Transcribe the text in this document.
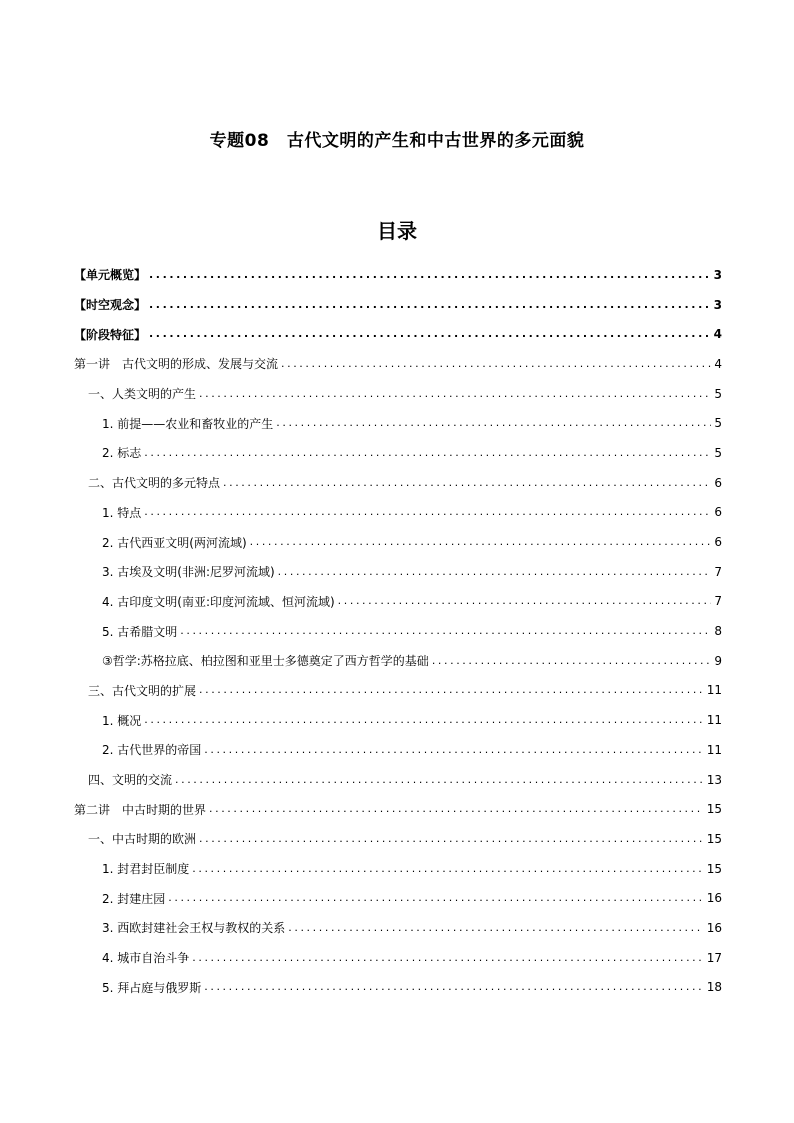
专题08　古代文明的产生和中古世界的多元面貌
目录
【单元概览】 .....	3
【时空观念】 .....	3
【阶段特征】 .....	4
第一讲　古代文明的形成、发展与交流 .....	4
一、人类文明的产生 .....	5
1. 前提——农业和畜牧业的产生 .....	5
2. 标志 .....	5
二、古代文明的多元特点 .....	6
1. 特点 .....	6
2. 古代西亚文明(两河流域) .....	6
3. 古埃及文明(非洲:尼罗河流域) .....	7
4. 古印度文明(南亚:印度河流域、恒河流域) .....	7
5. 古希腊文明 .....	8
③哲学:苏格拉底、柏拉图和亚里士多德奠定了西方哲学的基础 .....	9
三、古代文明的扩展 .....	11
1. 概况 .....	11
2. 古代世界的帝国 .....	11
四、文明的交流 .....	13
第二讲　中古时期的世界 .....	15
一、中古时期的欧洲 .....	15
1. 封君封臣制度 .....	15
2. 封建庄园 .....	16
3. 西欧封建社会王权与教权的关系 .....	16
4. 城市自治斗争 .....	17
5. 拜占庭与俄罗斯 .....	18
